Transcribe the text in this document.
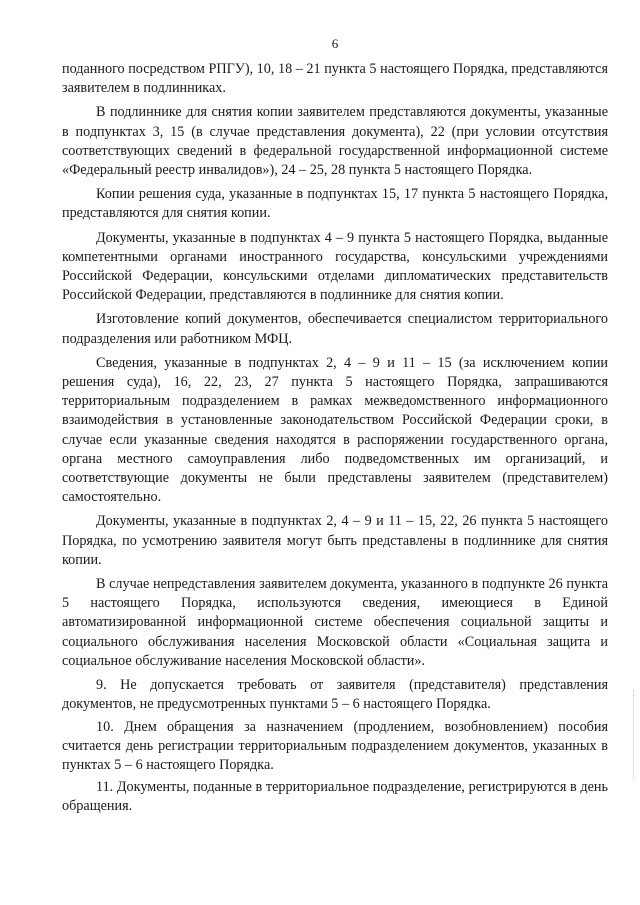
6

поданного посредством РПГУ), 10, 18 – 21 пункта 5 настоящего Порядка, представляются заявителем в подлинниках.

В подлиннике для снятия копии заявителем представляются документы, указанные в подпунктах 3, 15 (в случае представления документа), 22 (при условии отсутствия соответствующих сведений в федеральной государственной информационной системе «Федеральный реестр инвалидов»), 24 – 25, 28 пункта 5 настоящего Порядка.

Копии решения суда, указанные в подпунктах 15, 17 пункта 5 настоящего Порядка, представляются для снятия копии.

Документы, указанные в подпунктах 4 – 9 пункта 5 настоящего Порядка, выданные компетентными органами иностранного государства, консульскими учреждениями Российской Федерации, консульскими отделами дипломатических представительств Российской Федерации, представляются в подлиннике для снятия копии.

Изготовление копий документов, обеспечивается специалистом территориального подразделения или работником МФЦ.

Сведения, указанные в подпунктах 2, 4 – 9 и 11 – 15 (за исключением копии решения суда), 16, 22, 23, 27 пункта 5 настоящего Порядка, запрашиваются территориальным подразделением в рамках межведомственного информационного взаимодействия в установленные законодательством Российской Федерации сроки, в случае если указанные сведения находятся в распоряжении государственного органа, органа местного самоуправления либо подведомственных им организаций, и соответствующие документы не были представлены заявителем (представителем) самостоятельно.

Документы, указанные в подпунктах 2, 4 – 9 и 11 – 15, 22, 26 пункта 5 настоящего Порядка, по усмотрению заявителя могут быть представлены в подлиннике для снятия копии.

В случае непредставления заявителем документа, указанного в подпункте 26 пункта 5 настоящего Порядка, используются сведения, имеющиеся в Единой автоматизированной информационной системе обеспечения социальной защиты и социального обслуживания населения Московской области «Социальная защита и социальное обслуживание населения Московской области».

9. Не допускается требовать от заявителя (представителя) представления документов, не предусмотренных пунктами 5 – 6 настоящего Порядка.

10. Днем обращения за назначением (продлением, возобновлением) пособия считается день регистрации территориальным подразделением документов, указанных в пунктах 5 – 6 настоящего Порядка.

11. Документы, поданные в территориальное подразделение, регистрируются в день обращения.
